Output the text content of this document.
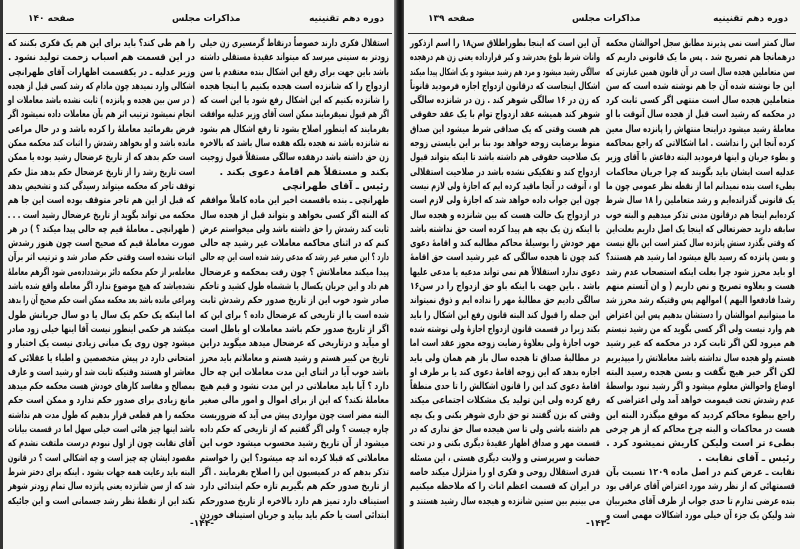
دوره دهم تقنینیه
مذاکرات مجلس
صفحه ۱۴۰
استقلال فکری دارند خصوصاً درنقاط گرمسیری زن خیلی
زودتر به سنینی میرسد که میتواند عقیدهٔ مستقلی داشته
باشد باین جهت برای رفع این اشکال بنده معتقدم یا سن
ازدواج را که شانزده است هجده بکنیم یا اینجا هجده
را شانزده بکنیم که این اشکال رفع شود یا این است که
اگر هم قبول نمیفرمایند ممکن است آقای وزیر عدلیه موافقت
بفرمایند که اینطور اصلاح بشود تا رفع اشکال هم بشود
نه شانزده باشد نه هجده بلکه هفده سال باشد که بالاخره
زن حق داشته باشد درهفده سالگی مستقلاً قبول زوجیت
بکند و مستقلاً هم اقامهٔ دعوی بکند .
رئیس ـ آقای طهرانچی
طهرانچی ـ بنده باقسمت اخیر این ماده کاملاً موافقم
که البته اگر کسی بخواهد و بتواند قبل از هجده سال
ثابت کند رشدش را حق داشته باشد ولی میخواستم عرض
کنم که در اثنای محاکمه معاملات غیر رشید چه حالی
دارد ؟ این صغیر غیر رشد که مدعی رشد شده است این چه حالی
پیدا میکند معاملاتش ؟ چون رفت بمحکمه و عرضحال
هم داد و این جریان یکسال یا ششماه طول کشید و تاحکم
صادر شود خوب این از تاریخ صدور حکم رشدش ثابت
شده است یا از تاریخی که عرضحال داده ؟ برای این که
اگر از تاریخ صدور حکم باشد معاملات او باطل است
او میآید و درتاریخی که عرضحال میدهد میگوید دراین
تاریخ من کبیر هستم و رشید هستم و معاملاتم باید محرز
باشد خوب آیا در اثنای این مدت معاملات این چه حال
دارد ؟ آیا باید معاملاتی در این مدت نشود و قیم هیچ
معاملهٔ نکند؟ که این از برای اموال و امور مالی صغیر
البته مضر است چون مواردی پیش می آید که ضروریست
چاره چیست ؟ ولی اگر گفتیم که از تاریخی که حکم داده
میشود از آن تاریخ رشید محسوب میشود خوب این
معاملاتی که قبلا کرده اند چه میشود؟ این را خواستم
تذکر بدهم که در کمیسیون این را اصلاح بفرمایند . اگر
از تاریخ صدور حکم هم بگیریم تازه حکم ابتدائی دارد
استیناف دارد تمیز هم دارد بالاخره از تاریخ صدورحکم
ابتدائی است یا حکم باید بیاید و جریان استیناف خوردن
را هم طی کند؟ باید برای این هم یک فکری بکنند که
در این قسمت هم اسباب زحمت تولید نشود .
وزیر عدلیه ـ در یکقسمت اظهارات آقای طهرانچی
اشکالی وارد نمیدهد چون مادام که رشد کسی قبل از هجده
( در سن بین هجده و پانزده ) ثابت نشده باشد معاملات او
انجام نمیشود ترتیب اثر هم بآن معاملات داده نمیشود اگر
فرض بفرمائید معاملهٔ را کرده باشد و در حال مراعی
مانده باشد و او بخواهد رشدش را اثبات کند محکمه ممکن
است حکم بدهد که از تاریخ عرضحال رشید بوده یا ممکن
است تاریخ رشد را از تاریخ عرضحال حکم بدهد مثل حکم
توقف تاجر که محکمه میتواند رسیدگی کند و تشخیص بدهد
که قبل از این هم تاجر متوقف بوده است این جا هم
محکمه می تواند بگوید از تاریخ عرضحال رشید است . . .
( طهرانچی ـ معاملهٔ قیم چه حالی پیدا میکند ؟ ) در هر
صورت معاملهٔ قیم که صحیح است چون هنوز رشدش
اثبات نشده است وقتی حکم صادر شد و ترتیب اثر برآن
معامله‌بر از حکم محکمه دائر برشدداده‌می شود اگرهم معاملهٔ
نشده‌باشد که هیچ موضوع ندارد اگر معامله واقع شده باشد
ومراعی مانده باشد بعد محکمه ممکن است حکم صحیح آن را بدهد
اما اینکه یک حکم یک سال یا دو سال جریانش طول
میکشد هر حکمی اینطور نیست آقا اینها خیلی زود صادر
میشود چون روی یک مبانی زیادی نیست یک اختبار و
امتحانی دارد در پیش متخصصین و اطباء یا عقلائی که
معاشر او هستند وقتیکه ثابت شد او رشید است و عارف
بمصالح و مفاسد کارهای خودش هست محکمه حکم میدهد
مانع زیادی برای صدور حکم ندارد و ممکن است حکم
محکمه را هم قطعی قرار بدهیم که طول مدت هم نداشته
باشد اینها چیز هائی است خیلی سهل اما در قسمت بیانات
آقای نقابت چون از اول نبودم درست ملتفت نشدم که
مقصود ایشان چه چیز است و چه اشکالی است ؟ در قانون
البته باید رعایت همه جهات بشود . اینکه برای دختر شرط
شد که از سن شانزده یعنی پانزده سال تمام زودتر شوهر
نکند این از نقطهٔ نظر رشد جسمانی است و این جائیکه
-۱۴۴-
دوره دهم تقنینیه
مذاکرات مجلس
صفحه ۱۳۹
سال کمتر است نمی پذیرند مطابق سجل احوالشان محکمه
درهمانجا هم تصریح شد . پس ما یک قانونی داریم که
سن متعاملین هجده سال است در آن قانون همین عبارتی که
این جا نوشته شده آن جا هم نوشته شده است که سن
متعاملین هجده سال است منتهی اگر کسی ثابت کرد
در محکمه که رشید است قبل از هجده سال آنوقت با او
معاملهٔ رشید میشود دراینجا منتهاش را پانزده سال معین
کرده آنجا این را نداشت . اما اشکالاتی که راجع بمحاکمه
و بطوء جریان و اینها فرمودید البته دفاعش با آقای وزیر
عدلیه است ایشان باید بگویند که چرا جریان محاکمات
بطیء است بنده نمیدانم اما از نقطه نظر عمومی چون ما
یک قانونی گذرانده‌ایم و رشد متعاملین را ۱۸ سال شرط
کرده‌ایم اینجا هم درقانون مدنی تذکر میدهیم و البته خوب
سابقه دارید حضرتعالی که اینجا یک اصل داریم بعلت‌این
که وقتی بگذرد سنش پانزده سال کمتر است این بالغ نیست
و بسن پانزده که رسید بالغ میشود اما رشید هم هستند؟
او باید محرز شود چرا بعلت اینکه استصحاب عدم رشد
هست و بعلاوه تصریح و نص داریم ( و ان آنستم منهم
رشدا فادفعوا الیهم ) اموالهم پس وقتیکه رشد محرز شد
ما میتوانیم اموالشان را دستشان بدهیم پس این اعتراض
هم وارد نیست ولی اگر کسی بگوید که من رشید نیستم
هم میرود لکن اگر ثابت کرد در محکمه که غیر رشید
هستم ولو هجده سال نداشته باشد معاملاتش را میپذیریم
لکن اگر خبر هیچ نگفت و بسن هجده رسید البته
اوضاع واحوالش معلوم میشود و اگر رشید نبود بواسطهٔ
عدم رشدش تحت قیمومت خواهد آمد ولی اعتراضی که
راجع ببطوء محاکم کردید که موقع میگذرد البته این
هست در محاکمات و البته چرخ محاکم که از هر چرخی
بطیء تر است ولیکن کاریش نمیشود کرد .
رئیس ـ آقای نقابت .
نقابت ـ عرض کنم در اصل ماده ۱۲۰۹ نسبت بآن
قسمتهائی که از نظر رشد مورد اعتراض آقای عراقی بود
بنده عرضی ندارم تا حدی جواب از طرف آقای مخبربیان
شد ولیکن یک جزء آن خیلی مورد اشکالات مهمی است و
آن این است که اینجا بطوراطلاق سن۱۸ را اسم ازذکور
واناث شرط بلوغ بحدرشد و کبر قرارداده یعنی زن هم درهجده
سالگی رشید میشود و مرد هم رشید میشود و یک اشکال پیدا میکند
اشکال اینجاست که درقانون ازدواج اجازه فرمودید قانوناً
که زن در ۱۶ سالگی شوهر کند . زن در شانزده سالگی
شوهر کند همیشه عقد ازدواج توام با یک عقد حقوقی
هم هست وقتی که یک صداقی شرط میشود این صداق
منوط برضایت زوجه خواهد بود بنا بر این بایستی زوجه
یک صلاحیت حقوقی هم داشته باشد تا اینکه بتواند قبول
ازدواج کند و تفکیکی نشده باشد در صلاحیت استقلالی
او ، آنوقت در آنجا ماقید کرده ایم که اجازهٔ ولی لازم نیست
چون این جواب داده خواهد شد که اجازهٔ ولی لازم است
در ازدواج یک حالت هست که بین شانزده و هجده سال
با اینکه زن یک بچه هم پیدا کرده است حق نداشته باشد
مهر خودش را بوسیلهٔ محاکم مطالبه کند و اقامهٔ دعوی
کند چون تا هجده سالگی که غیر رشید است حق اقامهٔ
دعوی ندارد استقلالاً هم نمی تواند مدعیه یا مدعی علیها
باشد . باین جهت با اینکه باو حق ازدواج را در سن۱۶
سالگی دادیم حق مطالبهٔ مهر را نداده ایم و ذوق نمیتواند
این جمله را قبول کند البته قانون رفع این اشکال را باید
بکند زیرا در قسمت قانون ازدواج اجازهٔ ولی نوشته شده
خوب اجازهٔ ولی بعلاوهٔ رضایت زوجه مجوز عقد است اما
در مطالبهٔ صداق تا هجده سال باز هم همان ولی باید
اجازه بدهد که این زوجه اقامهٔ دعوی کند یا بر طرف او
اقامهٔ دعوی کند این را قانون اشکالش را تا حدی منطقاً
رفع کرده ولی این تولید یک مشکلات اجتماعی میکند
وقتی که بزن گفتند تو حق داری شوهر بکنی و یک بچه
هم داشته باشی ولی تا سن هیجده سال حق نداری که در
قسمت مهر و صداق اظهار عقیدهٔ دیگری بکنی و در تحت
حضانت و سرپرستی و ولایت دیگری هستی ، این مسئله
قدری استقلال روحی و فکری او را متزلزل میکند خاصه
در ایران که قسمت اعظم اناث را که ملاحظه میکنیم
می بینیم بین سنین شانزده و هیجده سال رشید هستند و
-۱۴۳-
